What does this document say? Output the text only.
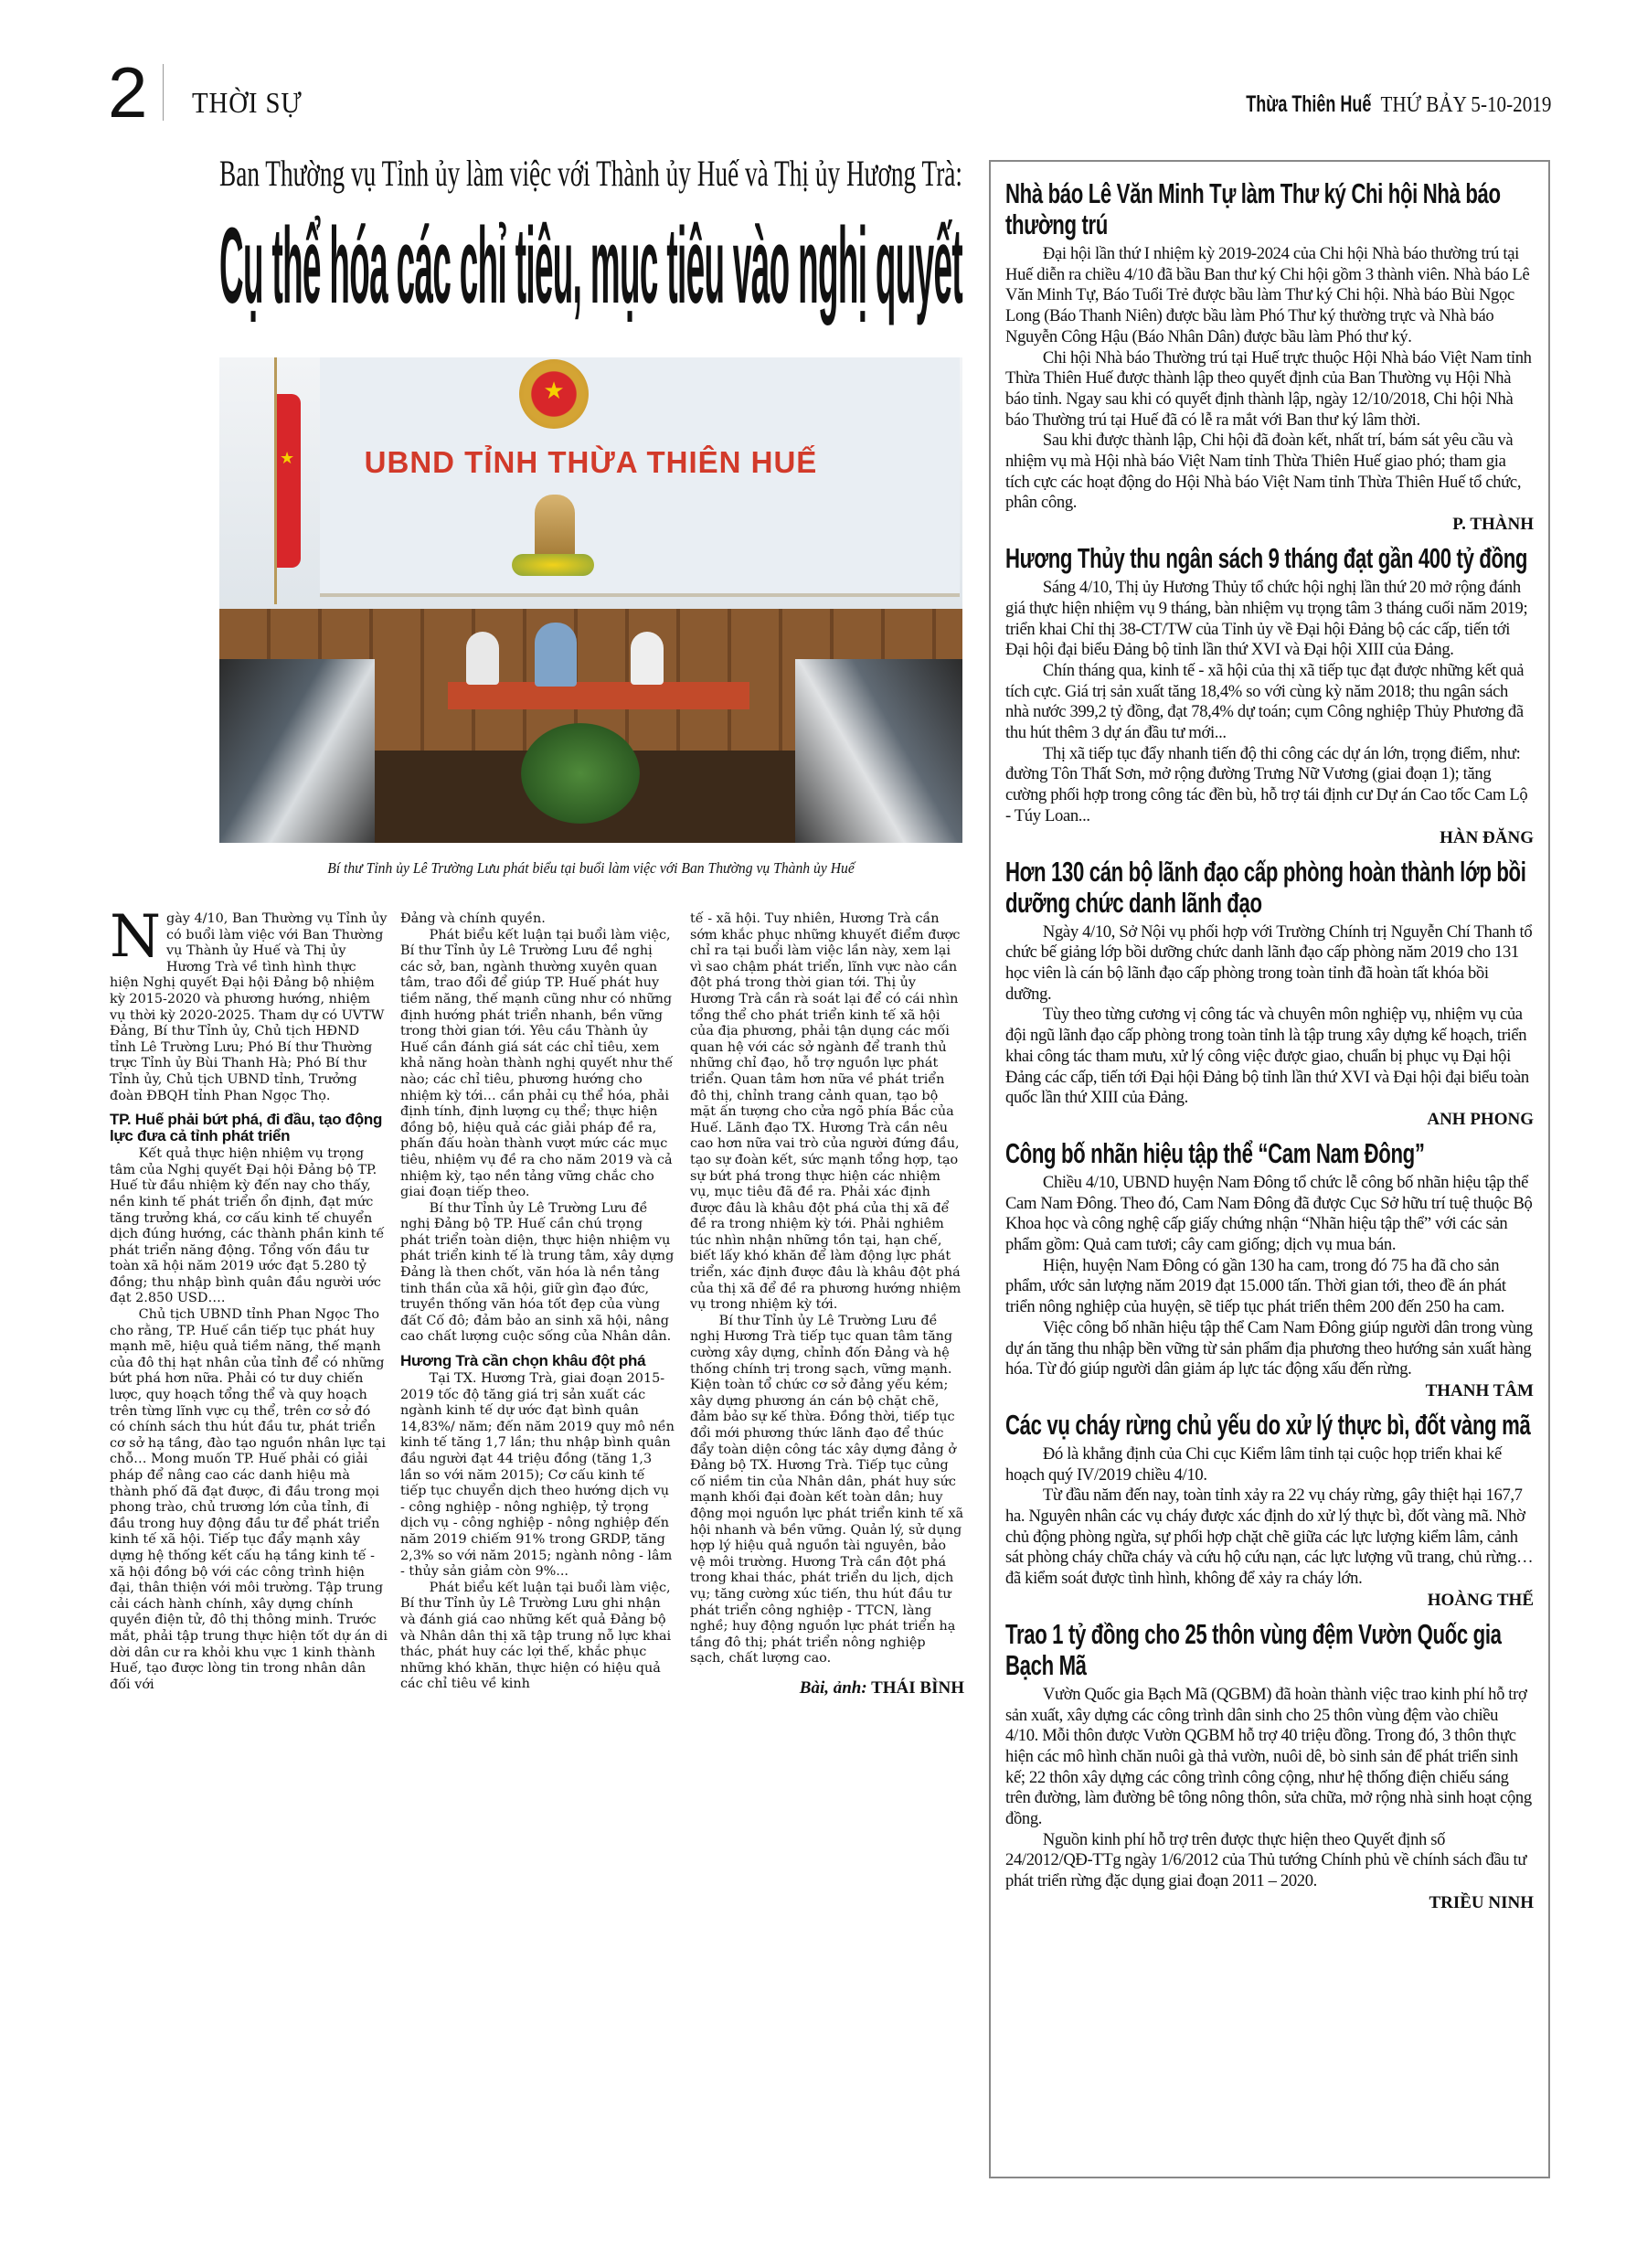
2 THỜI SỰ	Thừa Thiên Huế THỨ BẢY 5-10-2019
Ban Thường vụ Tỉnh ủy làm việc với Thành ủy Huế và Thị ủy Hương Trà:
Cụ thể hóa các chỉ tiêu, mục tiêu vào nghị quyết
★
★
UBND TỈNH THỪA THIÊN HUẾ
Bí thư Tỉnh ủy Lê Trường Lưu phát biểu tại buổi làm việc với Ban Thường vụ Thành ủy Huế

Ngày 4/10, Ban Thường vụ Tỉnh ủy có buổi làm việc với Ban Thường vụ Thành ủy Huế và Thị ủy Hương Trà về tình hình thực hiện Nghị quyết Đại hội Đảng bộ nhiệm kỳ 2015-2020 và phương hướng, nhiệm vụ thời kỳ 2020-2025. Tham dự có UVTW Đảng, Bí thư Tỉnh ủy, Chủ tịch HĐND tỉnh Lê Trường Lưu; Phó Bí thư Thường trực Tỉnh ủy Bùi Thanh Hà; Phó Bí thư Tỉnh ủy, Chủ tịch UBND tỉnh, Trưởng đoàn ĐBQH tỉnh Phan Ngọc Thọ.

TP. Huế phải bứt phá, đi đầu, tạo động lực đưa cả tỉnh phát triển

Kết quả thực hiện nhiệm vụ trọng tâm của Nghị quyết Đại hội Đảng bộ TP. Huế từ đầu nhiệm kỳ đến nay cho thấy, nền kinh tế phát triển ổn định, đạt mức tăng trưởng khá, cơ cấu kinh tế chuyển dịch đúng hướng, các thành phần kinh tế phát triển năng động. Tổng vốn đầu tư toàn xã hội năm 2019 ước đạt 5.280 tỷ đồng; thu nhập bình quân đầu người ước đạt 2.850 USD….

Chủ tịch UBND tỉnh Phan Ngọc Tho cho rằng, TP. Huế cần tiếp tục phát huy mạnh mẽ, hiệu quả tiềm năng, thế mạnh của đô thị hạt nhân của tỉnh để có những bứt phá hơn nữa. Phải có tư duy chiến lược, quy hoạch tổng thể và quy hoạch trên từng lĩnh vực cụ thể, trên cơ sở đó có chính sách thu hút đầu tư, phát triển cơ sở hạ tầng, đào tạo nguồn nhân lực tại chỗ… Mong muốn TP. Huế phải có giải pháp để nâng cao các danh hiệu mà thành phố đã đạt được, đi đầu trong mọi phong trào, chủ trương lớn của tỉnh, đi đầu trong huy động đầu tư để phát triển kinh tế xã hội. Tiếp tục đẩy mạnh xây dựng hệ thống kết cấu hạ tầng kinh tế - xã hội đồng bộ với các công trình hiện đại, thân thiện với môi trường. Tập trung cải cách hành chính, xây dựng chính quyền điện tử, đô thị thông minh. Trước mắt, phải tập trung thực hiện tốt dự án di dời dân cư ra khỏi khu vực 1 kinh thành Huế, tạo được lòng tin trong nhân dân đối với

Đảng và chính quyền.

Phát biểu kết luận tại buổi làm việc, Bí thư Tỉnh ủy Lê Trường Lưu đề nghị các sở, ban, ngành thường xuyên quan tâm, trao đổi để giúp TP. Huế phát huy tiềm năng, thế mạnh cũng như có những định hướng phát triển nhanh, bền vững trong thời gian tới. Yêu cầu Thành ủy Huế cần đánh giá sát các chỉ tiêu, xem khả năng hoàn thành nghị quyết như thế nào; các chỉ tiêu, phương hướng cho nhiệm kỳ tới… cần phải cụ thể hóa, phải định tính, định lượng cụ thể; thực hiện đồng bộ, hiệu quả các giải pháp đề ra, phấn đấu hoàn thành vượt mức các mục tiêu, nhiệm vụ đề ra cho năm 2019 và cả nhiệm kỳ, tạo nền tảng vững chắc cho giai đoạn tiếp theo.

Bí thư Tỉnh ủy Lê Trường Lưu đề nghị Đảng bộ TP. Huế cần chú trọng phát triển toàn diện, thực hiện nhiệm vụ phát triển kinh tế là trung tâm, xây dựng Đảng là then chốt, văn hóa là nền tảng tinh thần của xã hội, giữ gìn đạo đức, truyền thống văn hóa tốt đẹp của vùng đất Cố đô; đảm bảo an sinh xã hội, nâng cao chất lượng cuộc sống của Nhân dân.

Hương Trà cần chọn khâu đột phá

Tại TX. Hương Trà, giai đoạn 2015- 2019 tốc độ tăng giá trị sản xuất các ngành kinh tế dự ước đạt bình quân 14,83%/ năm; đến năm 2019 quy mô nền kinh tế tăng 1,7 lần; thu nhập bình quân đầu người đạt 44 triệu đồng (tăng 1,3 lần so với năm 2015); Cơ cấu kinh tế tiếp tục chuyển dịch theo hướng dịch vụ - công nghiệp - nông nghiệp, tỷ trọng dịch vụ - công nghiệp - nông nghiệp đến năm 2019 chiếm 91% trong GRDP, tăng 2,3% so với năm 2015; ngành nông - lâm - thủy sản giảm còn 9%...

Phát biểu kết luận tại buổi làm việc, Bí thư Tỉnh ủy Lê Trường Lưu ghi nhận và đánh giá cao những kết quả Đảng bộ và Nhân dân thị xã tập trung nỗ lực khai thác, phát huy các lợi thế, khắc phục những khó khăn, thực hiện có hiệu quả các chỉ tiêu về kinh

tế - xã hội. Tuy nhiên, Hương Trà cần sớm khắc phục những khuyết điểm được chỉ ra tại buổi làm việc lần này, xem lại vì sao chậm phát triển, lĩnh vực nào cần đột phá trong thời gian tới. Thị ủy Hương Trà cần rà soát lại để có cái nhìn tổng thể cho phát triển kinh tế xã hội của địa phương, phải tận dụng các mối quan hệ với các sở ngành để tranh thủ những chỉ đạo, hỗ trợ nguồn lực phát triển. Quan tâm hơn nữa về phát triển đô thị, chỉnh trang cảnh quan, tạo bộ mặt ấn tượng cho cửa ngõ phía Bắc của Huế. Lãnh đạo TX. Hương Trà cần nêu cao hơn nữa vai trò của người đứng đầu, tạo sự đoàn kết, sức mạnh tổng hợp, tạo sự bứt phá trong thực hiện các nhiệm vụ, mục tiêu đã đề ra. Phải xác định được đâu là khâu đột phá của thị xã để đề ra trong nhiệm kỳ tới. Phải nghiêm túc nhìn nhận những tồn tại, hạn chế, biết lấy khó khăn để làm động lực phát triển, xác định được đâu là khâu đột phá của thị xã để đề ra phương hướng nhiệm vụ trong nhiệm kỳ tới.

Bí thư Tỉnh ủy Lê Trường Lưu đề nghị Hương Trà tiếp tục quan tâm tăng cường xây dựng, chỉnh đốn Đảng và hệ thống chính trị trong sạch, vững mạnh. Kiện toàn tổ chức cơ sở đảng yếu kém; xây dựng phương án cán bộ chặt chẽ, đảm bảo sự kế thừa. Đồng thời, tiếp tục đổi mới phương thức lãnh đạo để thúc đẩy toàn diện công tác xây dựng đảng ở Đảng bộ TX. Hương Trà. Tiếp tục củng cố niềm tin của Nhân dân, phát huy sức mạnh khối đại đoàn kết toàn dân; huy động mọi nguồn lực phát triển kinh tế xã hội nhanh và bền vững. Quản lý, sử dụng hợp lý hiệu quả nguồn tài nguyên, bảo vệ môi trường. Hương Trà cần đột phá trong khai thác, phát triển du lịch, dịch vụ; tăng cường xúc tiến, thu hút đầu tư phát triển công nghiệp - TTCN, làng nghề; huy động nguồn lực phát triển hạ tầng đô thị; phát triển nông nghiệp sạch, chất lượng cao.

Bài, ảnh: THÁI BÌNH
Nhà báo Lê Văn Minh Tự làm Thư ký Chi hội Nhà báo thường trú

Đại hội lần thứ I nhiệm kỳ 2019-2024 của Chi hội Nhà báo thường trú tại Huế diễn ra chiều 4/10 đã bầu Ban thư ký Chi hội gồm 3 thành viên. Nhà báo Lê Văn Minh Tự, Báo Tuổi Trẻ được bầu làm Thư ký Chi hội. Nhà báo Bùi Ngọc Long (Báo Thanh Niên) được bầu làm Phó Thư ký thường trực và Nhà báo Nguyễn Công Hậu (Báo Nhân Dân) được bầu làm Phó thư ký.

Chi hội Nhà báo Thường trú tại Huế trực thuộc Hội Nhà báo Việt Nam tỉnh Thừa Thiên Huế được thành lập theo quyết định của Ban Thường vụ Hội Nhà báo tỉnh. Ngay sau khi có quyết định thành lập, ngày 12/10/2018, Chi hội Nhà báo Thường trú tại Huế đã có lễ ra mắt với Ban thư ký lâm thời.

Sau khi được thành lập, Chi hội đã đoàn kết, nhất trí, bám sát yêu cầu và nhiệm vụ mà Hội nhà báo Việt Nam tỉnh Thừa Thiên Huế giao phó; tham gia tích cực các hoạt động do Hội Nhà báo Việt Nam tỉnh Thừa Thiên Huế tổ chức, phân công.

P. THÀNH
Hương Thủy thu ngân sách 9 tháng đạt gần 400 tỷ đồng

Sáng 4/10, Thị ủy Hương Thủy tổ chức hội nghị lần thứ 20 mở rộng đánh giá thực hiện nhiệm vụ 9 tháng, bàn nhiệm vụ trọng tâm 3 tháng cuối năm 2019; triển khai Chỉ thị 38-CT/TW của Tỉnh ủy về Đại hội Đảng bộ các cấp, tiến tới Đại hội đại biểu Đảng bộ tỉnh lần thứ XVI và Đại hội XIII của Đảng.

Chín tháng qua, kinh tế - xã hội của thị xã tiếp tục đạt được những kết quả tích cực. Giá trị sản xuất tăng 18,4% so với cùng kỳ năm 2018; thu ngân sách nhà nước 399,2 tỷ đồng, đạt 78,4% dự toán; cụm Công nghiệp Thủy Phương đã thu hút thêm 3 dự án đầu tư mới...

Thị xã tiếp tục đẩy nhanh tiến độ thi công các dự án lớn, trọng điểm, như: đường Tôn Thất Sơn, mở rộng đường Trưng Nữ Vương (giai đoạn 1); tăng cường phối hợp trong công tác đền bù, hỗ trợ tái định cư Dự án Cao tốc Cam Lộ - Túy Loan...

HÀN ĐĂNG
Hơn 130 cán bộ lãnh đạo cấp phòng hoàn thành lớp bồi dưỡng chức danh lãnh đạo

Ngày 4/10, Sở Nội vụ phối hợp với Trường Chính trị Nguyễn Chí Thanh tổ chức bế giảng lớp bồi dưỡng chức danh lãnh đạo cấp phòng năm 2019 cho 131 học viên là cán bộ lãnh đạo cấp phòng trong toàn tỉnh đã hoàn tất khóa bồi dưỡng.

Tùy theo từng cương vị công tác và chuyên môn nghiệp vụ, nhiệm vụ của đội ngũ lãnh đạo cấp phòng trong toàn tỉnh là tập trung xây dựng kế hoạch, triển khai công tác tham mưu, xử lý công việc được giao, chuẩn bị phục vụ Đại hội Đảng các cấp, tiến tới Đại hội Đảng bộ tỉnh lần thứ XVI và Đại hội đại biểu toàn quốc lần thứ XIII của Đảng.

ANH PHONG
Công bố nhãn hiệu tập thể “Cam Nam Đông”

Chiều 4/10, UBND huyện Nam Đông tổ chức lễ công bố nhãn hiệu tập thể Cam Nam Đông. Theo đó, Cam Nam Đông đã được Cục Sở hữu trí tuệ thuộc Bộ Khoa học và công nghệ cấp giấy chứng nhận “Nhãn hiệu tập thể” với các sản phẩm gồm: Quả cam tươi; cây cam giống; dịch vụ mua bán.

Hiện, huyện Nam Đông có gần 130 ha cam, trong đó 75 ha đã cho sản phẩm, ước sản lượng năm 2019 đạt 15.000 tấn. Thời gian tới, theo đề án phát triển nông nghiệp của huyện, sẽ tiếp tục phát triển thêm 200 đến 250 ha cam.

Việc công bố nhãn hiệu tập thể Cam Nam Đông giúp người dân trong vùng dự án tăng thu nhập bền vững từ sản phẩm địa phương theo hướng sản xuất hàng hóa. Từ đó giúp người dân giảm áp lực tác động xấu đến rừng.

THANH TÂM
Các vụ cháy rừng chủ yếu do xử lý thực bì, đốt vàng mã

Đó là khẳng định của Chi cục Kiểm lâm tỉnh tại cuộc họp triển khai kế hoạch quý IV/2019 chiều 4/10.

Từ đầu năm đến nay, toàn tỉnh xảy ra 22 vụ cháy rừng, gây thiệt hại 167,7 ha. Nguyên nhân các vụ cháy được xác định do xử lý thực bì, đốt vàng mã. Nhờ chủ động phòng ngừa, sự phối hợp chặt chẽ giữa các lực lượng kiểm lâm, cảnh sát phòng cháy chữa cháy và cứu hộ cứu nạn, các lực lượng vũ trang, chủ rừng… đã kiểm soát được tình hình, không để xảy ra cháy lớn.

HOÀNG THẾ
Trao 1 tỷ đồng cho 25 thôn vùng đệm Vườn Quốc gia Bạch Mã

Vườn Quốc gia Bạch Mã (QGBM) đã hoàn thành việc trao kinh phí hỗ trợ sản xuất, xây dựng các công trình dân sinh cho 25 thôn vùng đệm vào chiều 4/10. Mỗi thôn được Vườn QGBM hỗ trợ 40 triệu đồng. Trong đó, 3 thôn thực hiện các mô hình chăn nuôi gà thả vườn, nuôi dê, bò sinh sản để phát triển sinh kế; 22 thôn xây dựng các công trình công cộng, như hệ thống điện chiếu sáng trên đường, làm đường bê tông nông thôn, sửa chữa, mở rộng nhà sinh hoạt cộng đồng.

Nguồn kinh phí hỗ trợ trên được thực hiện theo Quyết định số 24/2012/QĐ-TTg ngày 1/6/2012 của Thủ tướng Chính phủ về chính sách đầu tư phát triển rừng đặc dụng giai đoạn 2011 – 2020.

TRIỀU NINH
